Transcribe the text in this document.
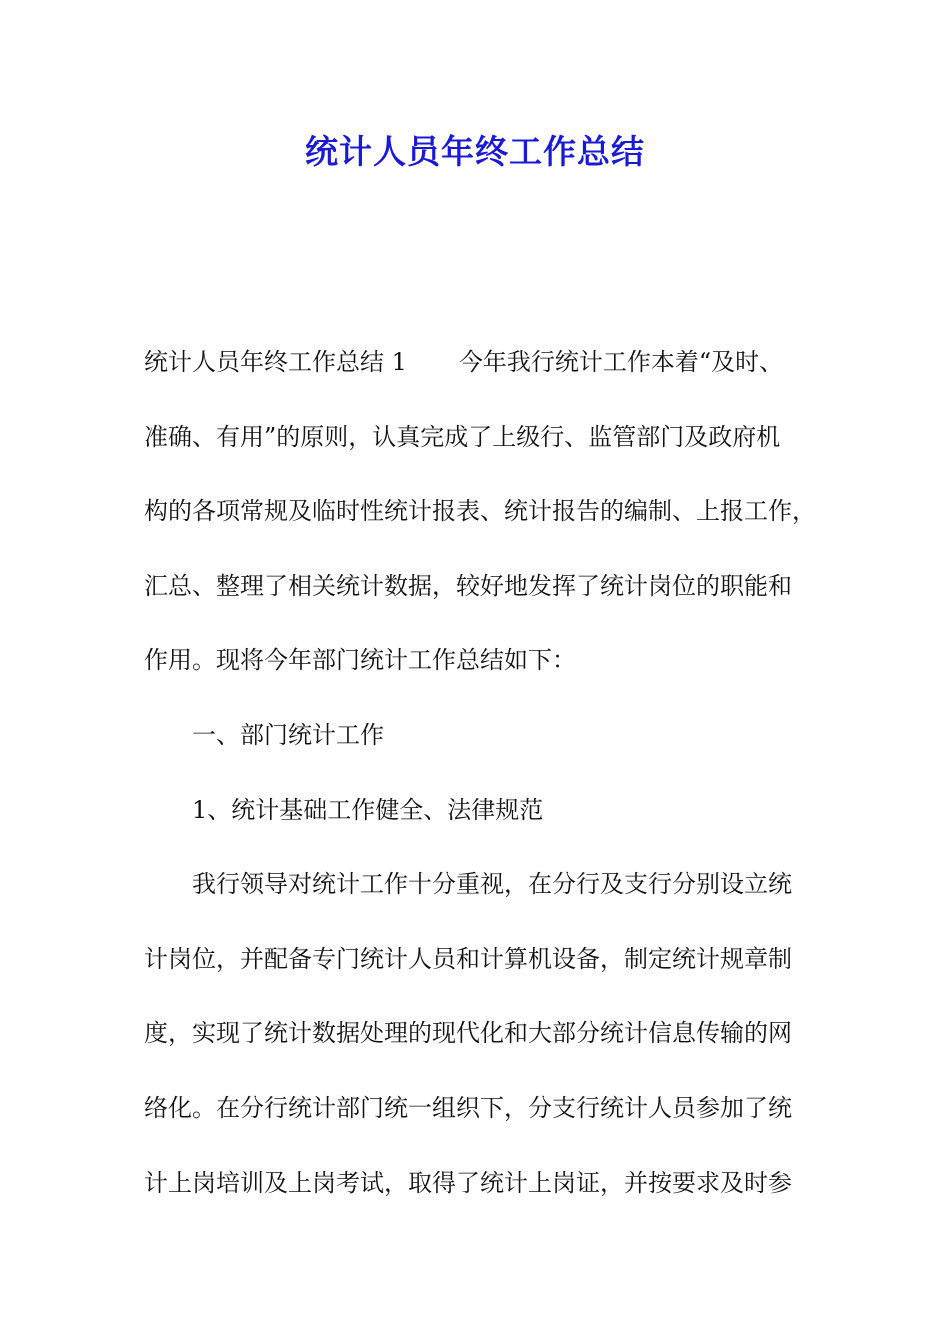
统计人员年终工作总结
统计人员年终工作总结 1 今年我行统计工作本着“及时、
准确、有用”的原则，认真完成了上级行、监管部门及政府机
构的各项常规及临时性统计报表、统计报告的编制、上报工作，
汇总、整理了相关统计数据，较好地发挥了统计岗位的职能和
作用。现将今年部门统计工作总结如下：
一、部门统计工作
1、统计基础工作健全、法律规范
我行领导对统计工作十分重视，在分行及支行分别设立统
计岗位，并配备专门统计人员和计算机设备，制定统计规章制
度，实现了统计数据处理的现代化和大部分统计信息传输的网
络化。在分行统计部门统一组织下，分支行统计人员参加了统
计上岗培训及上岗考试，取得了统计上岗证，并按要求及时参
